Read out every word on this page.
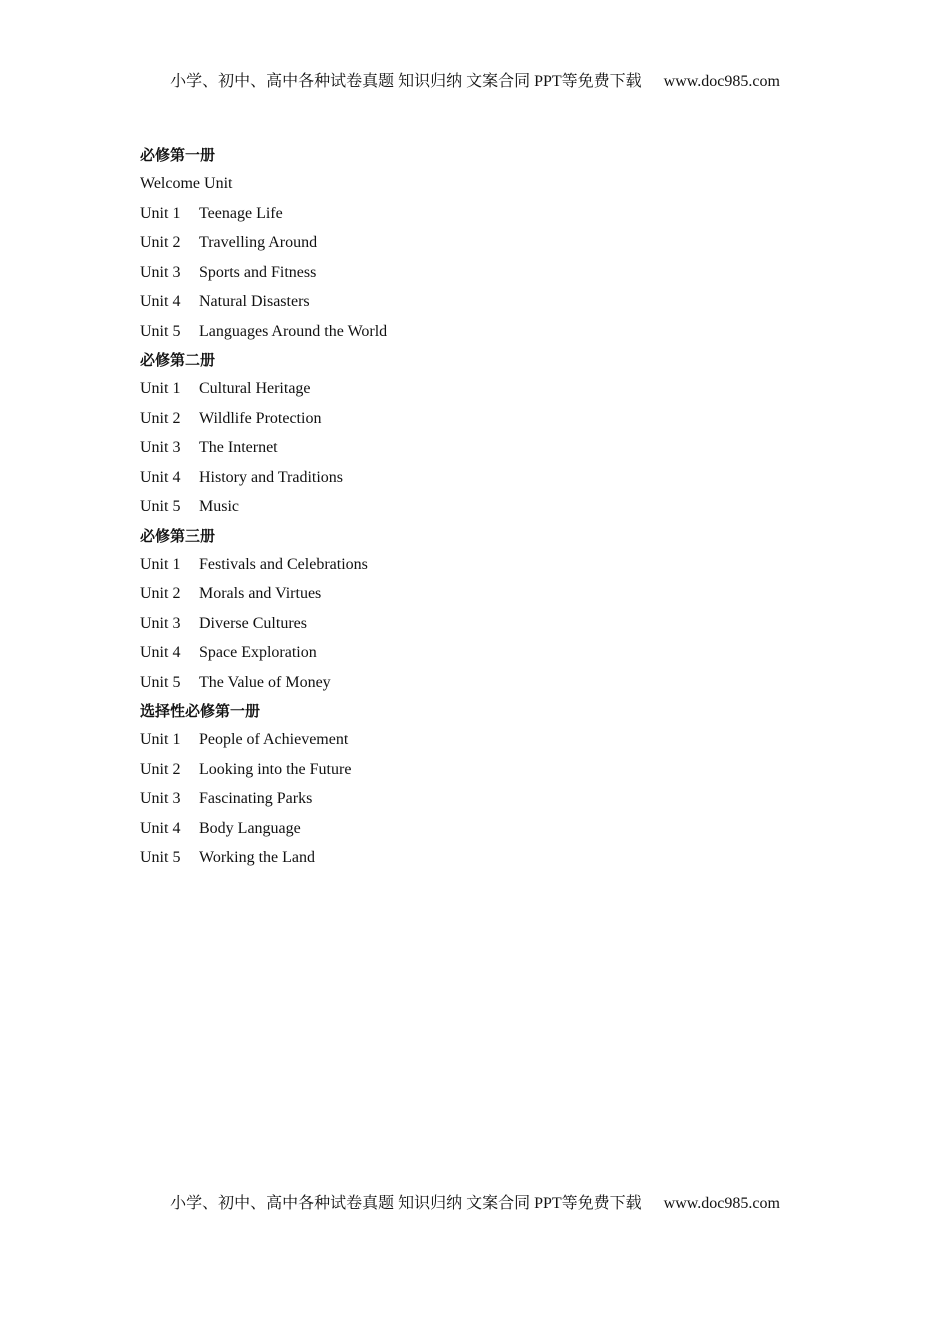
小学、初中、高中各种试卷真题 知识归纳 文案合同 PPT等免费下载 www.doc985.com
必修第一册
Welcome Unit
Unit 1 Teenage Life
Unit 2 Travelling Around
Unit 3 Sports and Fitness
Unit 4 Natural Disasters
Unit 5 Languages Around the World
必修第二册
Unit 1 Cultural Heritage
Unit 2 Wildlife Protection
Unit 3 The Internet
Unit 4 History and Traditions
Unit 5 Music
必修第三册
Unit 1 Festivals and Celebrations
Unit 2 Morals and Virtues
Unit 3 Diverse Cultures
Unit 4 Space Exploration
Unit 5 The Value of Money
选择性必修第一册
Unit 1 People of Achievement
Unit 2 Looking into the Future
Unit 3 Fascinating Parks
Unit 4 Body Language
Unit 5 Working the Land
小学、初中、高中各种试卷真题 知识归纳 文案合同 PPT等免费下载 www.doc985.com
